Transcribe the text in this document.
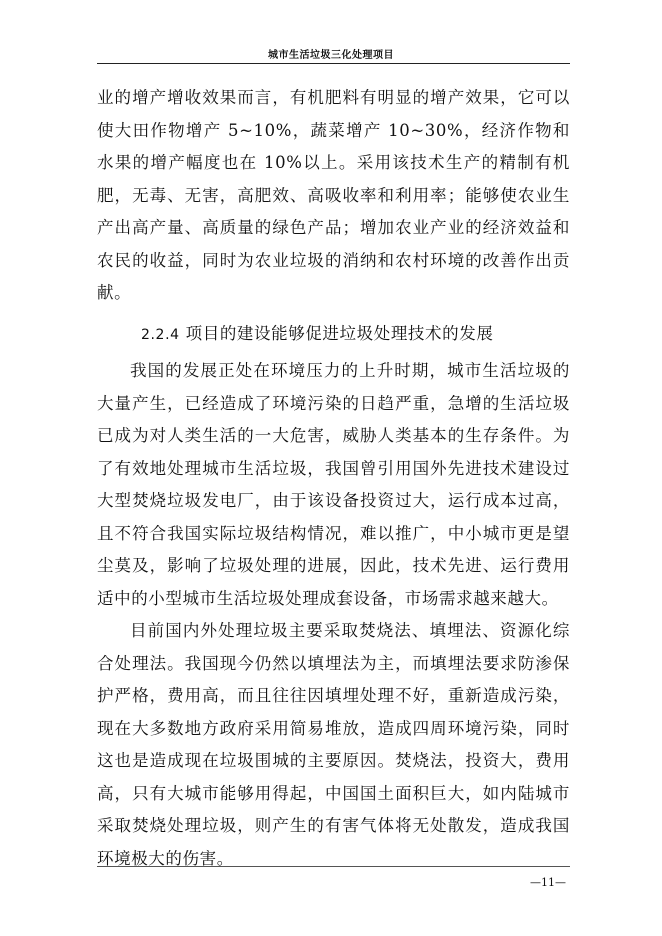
城市生活垃圾三化处理项目

业的增产增收效果而言，有机肥料有明显的增产效果，它可以使大田作物增产 5~10%，蔬菜增产 10~30%，经济作物和水果的增产幅度也在 10%以上。采用该技术生产的精制有机肥，无毒、无害，高肥效、高吸收率和利用率；能够使农业生产出高产量、高质量的绿色产品；增加农业产业的经济效益和农民的收益，同时为农业垃圾的消纳和农村环境的改善作出贡献。

2.2.4 项目的建设能够促进垃圾处理技术的发展

我国的发展正处在环境压力的上升时期，城市生活垃圾的大量产生，已经造成了环境污染的日趋严重，急增的生活垃圾已成为对人类生活的一大危害，威胁人类基本的生存条件。为了有效地处理城市生活垃圾，我国曾引用国外先进技术建设过大型焚烧垃圾发电厂，由于该设备投资过大，运行成本过高，且不符合我国实际垃圾结构情况，难以推广，中小城市更是望尘莫及，影响了垃圾处理的进展，因此，技术先进、运行费用适中的小型城市生活垃圾处理成套设备，市场需求越来越大。

目前国内外处理垃圾主要采取焚烧法、填埋法、资源化综合处理法。我国现今仍然以填埋法为主，而填埋法要求防渗保护严格，费用高，而且往往因填埋处理不好，重新造成污染，现在大多数地方政府采用简易堆放，造成四周环境污染，同时这也是造成现在垃圾围城的主要原因。焚烧法，投资大，费用高，只有大城市能够用得起，中国国土面积巨大，如内陆城市采取焚烧处理垃圾，则产生的有害气体将无处散发，造成我国环境极大的伤害。

—11—
